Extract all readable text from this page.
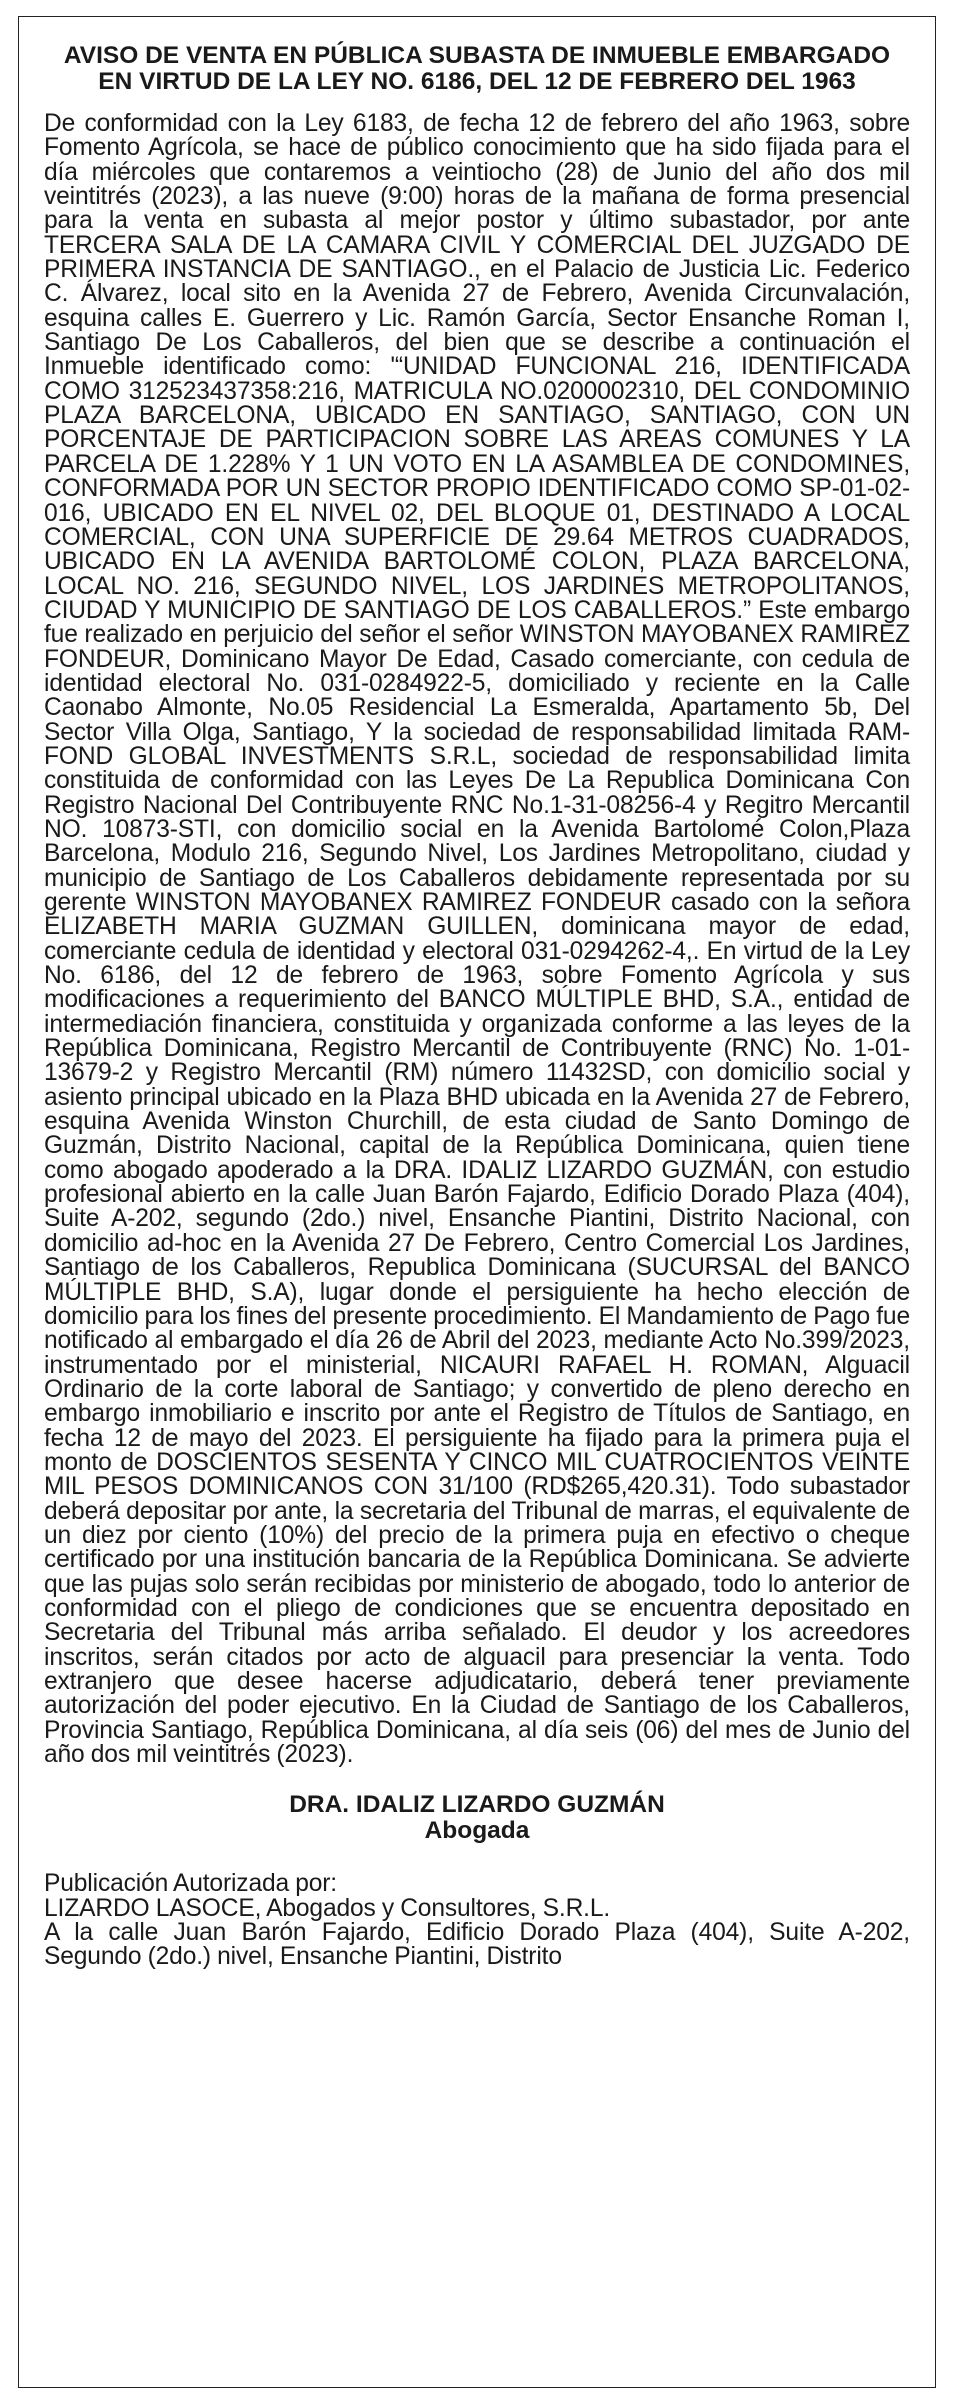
AVISO DE VENTA EN PÚBLICA SUBASTA DE INMUEBLE EMBARGADO EN VIRTUD DE LA LEY NO. 6186, DEL 12 DE FEBRERO DEL 1963

De conformidad con la Ley 6183, de fecha 12 de febrero del año 1963, sobre Fomento Agrícola, se hace de público conocimiento que ha sido fijada para el día miércoles que contaremos a veintiocho (28) de Junio del año dos mil veintitrés (2023), a las nueve (9:00) horas de la mañana de forma presencial para la venta en subasta al mejor postor y último subastador, por ante TERCERA SALA DE LA CAMARA CIVIL Y COMERCIAL DEL JUZGADO DE PRIMERA INSTANCIA DE SANTIAGO., en el Palacio de Justicia Lic. Federico C. Álvarez, local sito en la Avenida 27 de Febrero, Avenida Circunvalación, esquina calles E. Guerrero y Lic. Ramón García, Sector Ensanche Roman I, Santiago De Los Caballeros, del bien que se describe a continuación el Inmueble identificado como: '“UNIDAD FUNCIONAL 216, IDENTIFICADA COMO 312523437358:216, MATRICULA NO.0200002310, DEL CONDOMINIO PLAZA BARCELONA, UBICADO EN SANTIAGO, SANTIAGO, CON UN PORCENTAJE DE PARTICIPACION SOBRE LAS AREAS COMUNES Y LA PARCELA DE 1.228% Y 1 UN VOTO EN LA ASAMBLEA DE CONDOMINES, CONFORMADA POR UN SECTOR PROPIO IDENTIFICADO COMO SP-01-02-016, UBICADO EN EL NIVEL 02, DEL BLOQUE 01, DESTINADO A LOCAL COMERCIAL, CON UNA SUPERFICIE DE 29.64 METROS CUADRADOS, UBICADO EN LA AVENIDA BARTOLOMÉ COLON, PLAZA BARCELONA, LOCAL NO. 216, SEGUNDO NIVEL, LOS JARDINES METROPOLITANOS, CIUDAD Y MUNICIPIO DE SANTIAGO DE LOS CABALLEROS.” Este embargo fue realizado en perjuicio del señor el señor WINSTON MAYOBANEX RAMIREZ FONDEUR, Dominicano Mayor De Edad, Casado comerciante, con cedula de identidad electoral No. 031-0284922-5, domiciliado y reciente en la Calle Caonabo Almonte, No.05 Residencial La Esmeralda, Apartamento 5b, Del Sector Villa Olga, Santiago, Y la sociedad de responsabilidad limitada RAM-FOND GLOBAL INVESTMENTS S.R.L, sociedad de responsabilidad limita constituida de conformidad con las Leyes De La Republica Dominicana Con Registro Nacional Del Contribuyente RNC No.1-31-08256-4 y Regitro Mercantil NO. 10873-STI, con domicilio social en la Avenida Bartolomé Colon,Plaza Barcelona, Modulo 216, Segundo Nivel, Los Jardines Metropolitano, ciudad y municipio de Santiago de Los Caballeros debidamente representada por su gerente WINSTON MAYOBANEX RAMIREZ FONDEUR casado con la señora ELIZABETH MARIA GUZMAN GUILLEN, dominicana mayor de edad, comerciante cedula de identidad y electoral 031-0294262-4,. En virtud de la Ley No. 6186, del 12 de febrero de 1963, sobre Fomento Agrícola y sus modificaciones a requerimiento del BANCO MÚLTIPLE BHD, S.A., entidad de intermediación financiera, constituida y organizada conforme a las leyes de la República Dominicana, Registro Mercantil de Contribuyente (RNC) No. 1-01-13679-2 y Registro Mercantil (RM) número 11432SD, con domicilio social y asiento principal ubicado en la Plaza BHD ubicada en la Avenida 27 de Febrero, esquina Avenida Winston Churchill, de esta ciudad de Santo Domingo de Guzmán, Distrito Nacional, capital de la República Dominicana, quien tiene como abogado apoderado a la DRA. IDALIZ LIZARDO GUZMÁN, con estudio profesional abierto en la calle Juan Barón Fajardo, Edificio Dorado Plaza (404), Suite A-202, segundo (2do.) nivel, Ensanche Piantini, Distrito Nacional, con domicilio ad-hoc en la Avenida 27 De Febrero, Centro Comercial Los Jardines, Santiago de los Caballeros, Republica Dominicana (SUCURSAL del BANCO MÚLTIPLE BHD, S.A), lugar donde el persiguiente ha hecho elección de domicilio para los fines del presente procedimiento. El Mandamiento de Pago fue notificado al embargado el día 26 de Abril del 2023, mediante Acto No.399/2023, instrumentado por el ministerial, NICAURI RAFAEL H. ROMAN, Alguacil Ordinario de la corte laboral de Santiago; y convertido de pleno derecho en embargo inmobiliario e inscrito por ante el Registro de Títulos de Santiago, en fecha 12 de mayo del 2023. El persiguiente ha fijado para la primera puja el monto de DOSCIENTOS SESENTA Y CINCO MIL CUATROCIENTOS VEINTE MIL PESOS DOMINICANOS CON 31/100 (RD$265,420.31). Todo subastador deberá depositar por ante, la secretaria del Tribunal de marras, el equivalente de un diez por ciento (10%) del precio de la primera puja en efectivo o cheque certificado por una institución bancaria de la República Dominicana. Se advierte que las pujas solo serán recibidas por ministerio de abogado, todo lo anterior de conformidad con el pliego de condiciones que se encuentra depositado en Secretaria del Tribunal más arriba señalado. El deudor y los acreedores inscritos, serán citados por acto de alguacil para presenciar la venta. Todo extranjero que desee hacerse adjudicatario, deberá tener previamente autorización del poder ejecutivo. En la Ciudad de Santiago de los Caballeros, Provincia Santiago, República Dominicana, al día seis (06) del mes de Junio del año dos mil veintitrés (2023).

DRA. IDALIZ LIZARDO GUZMÁN
Abogada
Publicación Autorizada por:
LIZARDO LASOCE, Abogados y Consultores, S.R.L.
A la calle Juan Barón Fajardo, Edificio Dorado Plaza (404), Suite A-202, Segundo (2do.) nivel, Ensanche Piantini, Distrito
